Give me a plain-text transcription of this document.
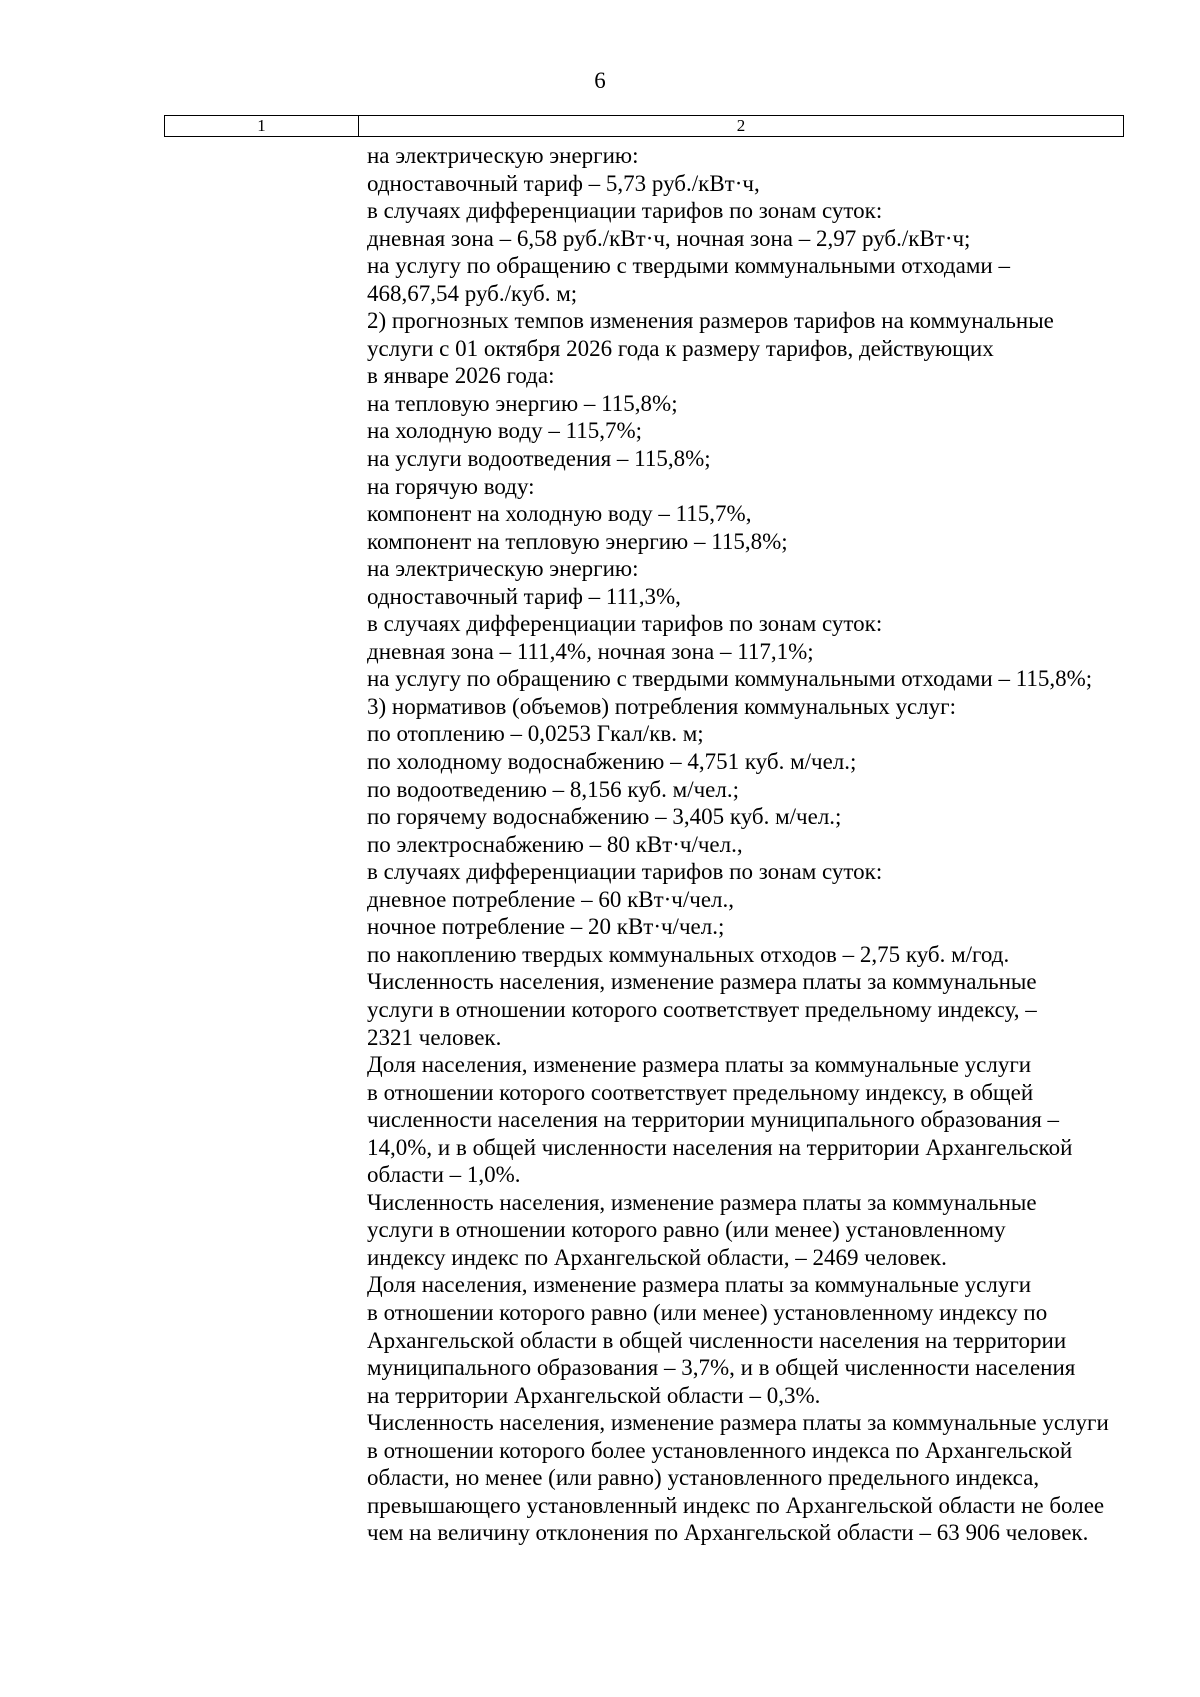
6
1	2
на электрическую энергию:
одноставочный тариф – 5,73 руб./кВт·ч,
в случаях дифференциации тарифов по зонам суток:
дневная зона – 6,58 руб./кВт·ч, ночная зона – 2,97 руб./кВт·ч;
на услугу по обращению с твердыми коммунальными отходами –
468,67,54 руб./куб. м;
2) прогнозных темпов изменения размеров тарифов на коммунальные
услуги с 01 октября 2026 года к размеру тарифов, действующих
в январе 2026 года:
на тепловую энергию – 115,8%;
на холодную воду – 115,7%;
на услуги водоотведения – 115,8%;
на горячую воду:
компонент на холодную воду – 115,7%,
компонент на тепловую энергию – 115,8%;
на электрическую энергию:
одноставочный тариф – 111,3%,
в случаях дифференциации тарифов по зонам суток:
дневная зона – 111,4%, ночная зона – 117,1%;
на услугу по обращению с твердыми коммунальными отходами – 115,8%;
3) нормативов (объемов) потребления коммунальных услуг:
по отоплению – 0,0253 Гкал/кв. м;
по холодному водоснабжению – 4,751 куб. м/чел.;
по водоотведению – 8,156 куб. м/чел.;
по горячему водоснабжению – 3,405 куб. м/чел.;
по электроснабжению – 80 кВт·ч/чел.,
в случаях дифференциации тарифов по зонам суток:
дневное потребление – 60 кВт·ч/чел.,
ночное потребление – 20 кВт·ч/чел.;
по накоплению твердых коммунальных отходов – 2,75 куб. м/год.
Численность населения, изменение размера платы за коммунальные
услуги в отношении которого соответствует предельному индексу, –
2321 человек.
Доля населения, изменение размера платы за коммунальные услуги
в отношении которого соответствует предельному индексу, в общей
численности населения на территории муниципального образования –
14,0%, и в общей численности населения на территории Архангельской
области – 1,0%.
Численность населения, изменение размера платы за коммунальные
услуги в отношении которого равно (или менее) установленному
индексу индекс по Архангельской области, – 2469 человек.
Доля населения, изменение размера платы за коммунальные услуги
в отношении которого равно (или менее) установленному индексу по
Архангельской области в общей численности населения на территории
муниципального образования – 3,7%, и в общей численности населения
на территории Архангельской области – 0,3%.
Численность населения, изменение размера платы за коммунальные услуги
в отношении которого более установленного индекса по Архангельской
области, но менее (или равно) установленного предельного индекса,
превышающего установленный индекс по Архангельской области не более
чем на величину отклонения по Архангельской области – 63 906 человек.
